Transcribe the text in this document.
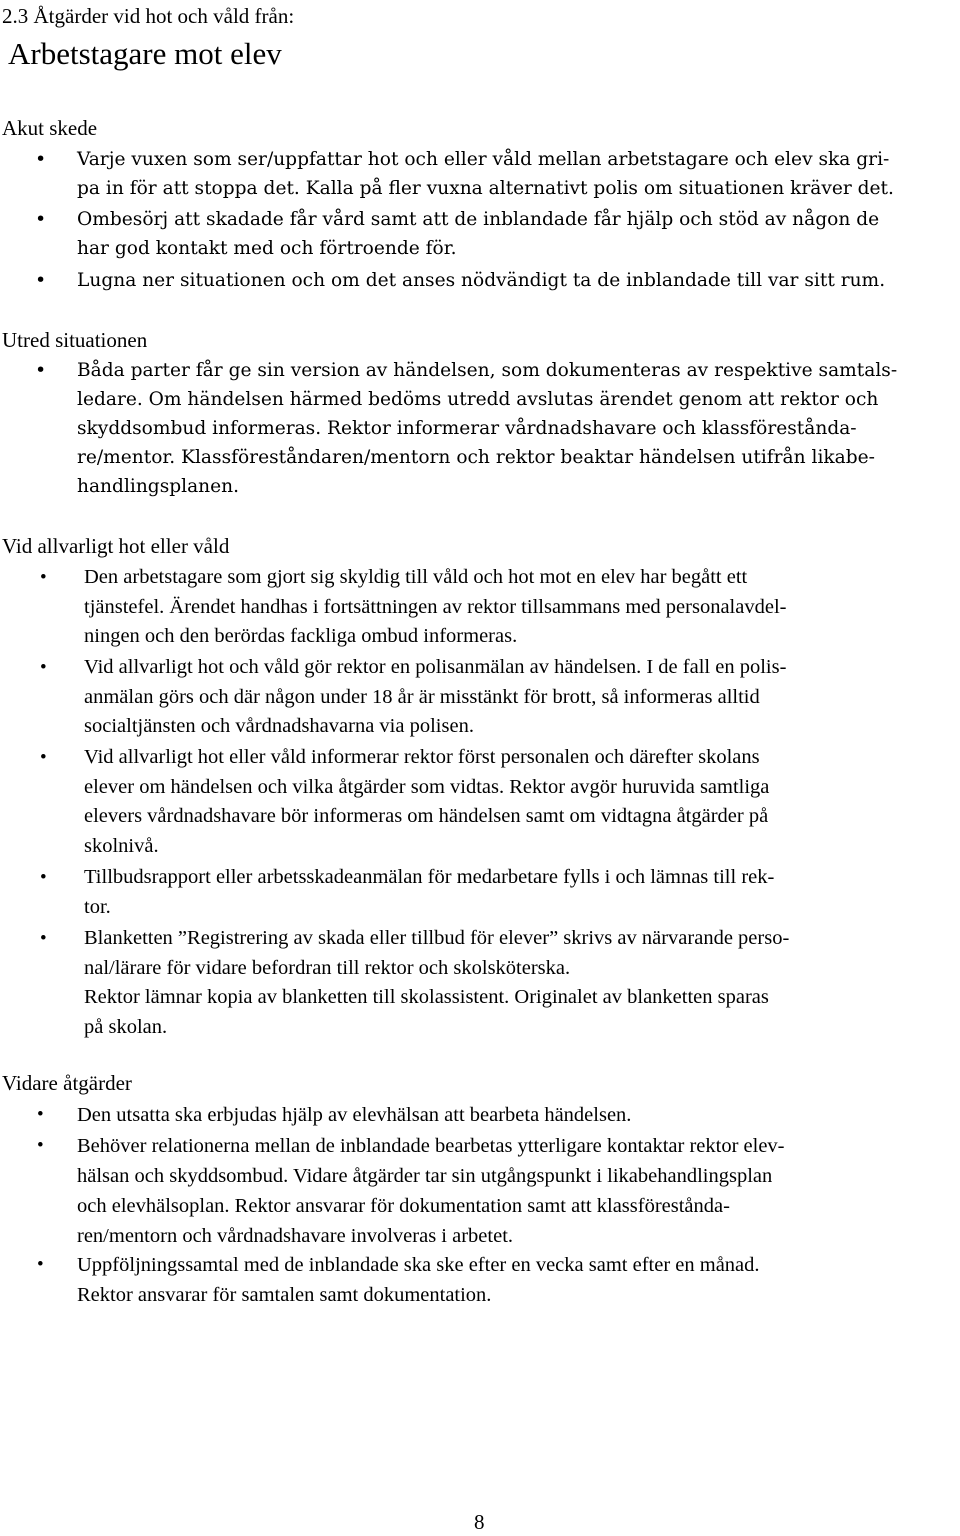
2.3 Åtgärder vid hot och våld från:
Arbetstagare mot elev
Akut skede
• Varje vuxen som ser/uppfattar hot och eller våld mellan arbetstagare och elev ska gri-
pa in för att stoppa det. Kalla på fler vuxna alternativt polis om situationen kräver det.
• Ombesörj att skadade får vård samt att de inblandade får hjälp och stöd av någon de
har god kontakt med och förtroende för.
• Lugna ner situationen och om det anses nödvändigt ta de inblandade till var sitt rum.
Utred situationen
• Båda parter får ge sin version av händelsen, som dokumenteras av respektive samtals-
ledare. Om händelsen härmed bedöms utredd avslutas ärendet genom att rektor och
skyddsombud informeras. Rektor informerar vårdnadshavare och klassförestånda-
re/mentor. Klassföreståndaren/mentorn och rektor beaktar händelsen utifrån likabe-
handlingsplanen.
Vid allvarligt hot eller våld
• Den arbetstagare som gjort sig skyldig till våld och hot mot en elev har begått ett
tjänstefel. Ärendet handhas i fortsättningen av rektor tillsammans med personalavdel-
ningen och den berördas fackliga ombud informeras.
• Vid allvarligt hot och våld gör rektor en polisanmälan av händelsen. I de fall en polis-
anmälan görs och där någon under 18 år är misstänkt för brott, så informeras alltid
socialtjänsten och vårdnadshavarna via polisen.
• Vid allvarligt hot eller våld informerar rektor först personalen och därefter skolans
elever om händelsen och vilka åtgärder som vidtas. Rektor avgör huruvida samtliga
elevers vårdnadshavare bör informeras om händelsen samt om vidtagna åtgärder på
skolnivå.
• Tillbudsrapport eller arbetsskadeanmälan för medarbetare fylls i och lämnas till rek-
tor.
• Blanketten ”Registrering av skada eller tillbud för elever” skrivs av närvarande perso-
nal/lärare för vidare befordran till rektor och skolsköterska.
Rektor lämnar kopia av blanketten till skolassistent. Originalet av blanketten sparas
på skolan.
Vidare åtgärder
• Den utsatta ska erbjudas hjälp av elevhälsan att bearbeta händelsen.
• Behöver relationerna mellan de inblandade bearbetas ytterligare kontaktar rektor elev-
hälsan och skyddsombud. Vidare åtgärder tar sin utgångspunkt i likabehandlingsplan
och elevhälsoplan. Rektor ansvarar för dokumentation samt att klassförestånda-
ren/mentorn och vårdnadshavare involveras i arbetet.
• Uppföljningssamtal med de inblandade ska ske efter en vecka samt efter en månad.
Rektor ansvarar för samtalen samt dokumentation.
8
